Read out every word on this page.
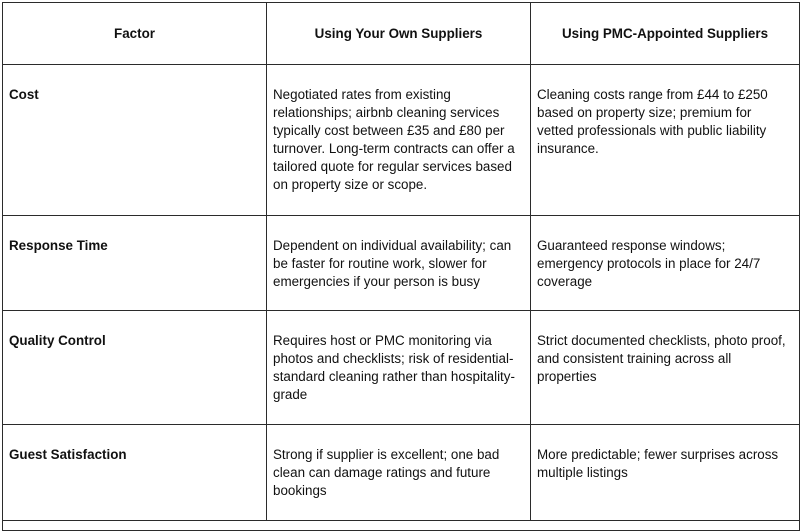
Factor	Using Your Own Suppliers	Using PMC-Appointed Suppliers
Cost	Negotiated rates from existing relationships; airbnb cleaning services typically cost between £35 and £80 per turnover. Long-term contracts can offer a tailored quote for regular services based on property size or scope.	Cleaning costs range from £44 to £250 based on property size; premium for vetted professionals with public liability insurance.
Response Time	Dependent on individual availability; can be faster for routine work, slower for emergencies if your person is busy	Guaranteed response windows; emergency protocols in place for 24/7 coverage
Quality Control	Requires host or PMC monitoring via photos and checklists; risk of residential-standard cleaning rather than hospitality-grade	Strict documented checklists, photo proof, and consistent training across all properties
Guest Satisfaction	Strong if supplier is excellent; one bad clean can damage ratings and future bookings	More predictable; fewer surprises across multiple listings
